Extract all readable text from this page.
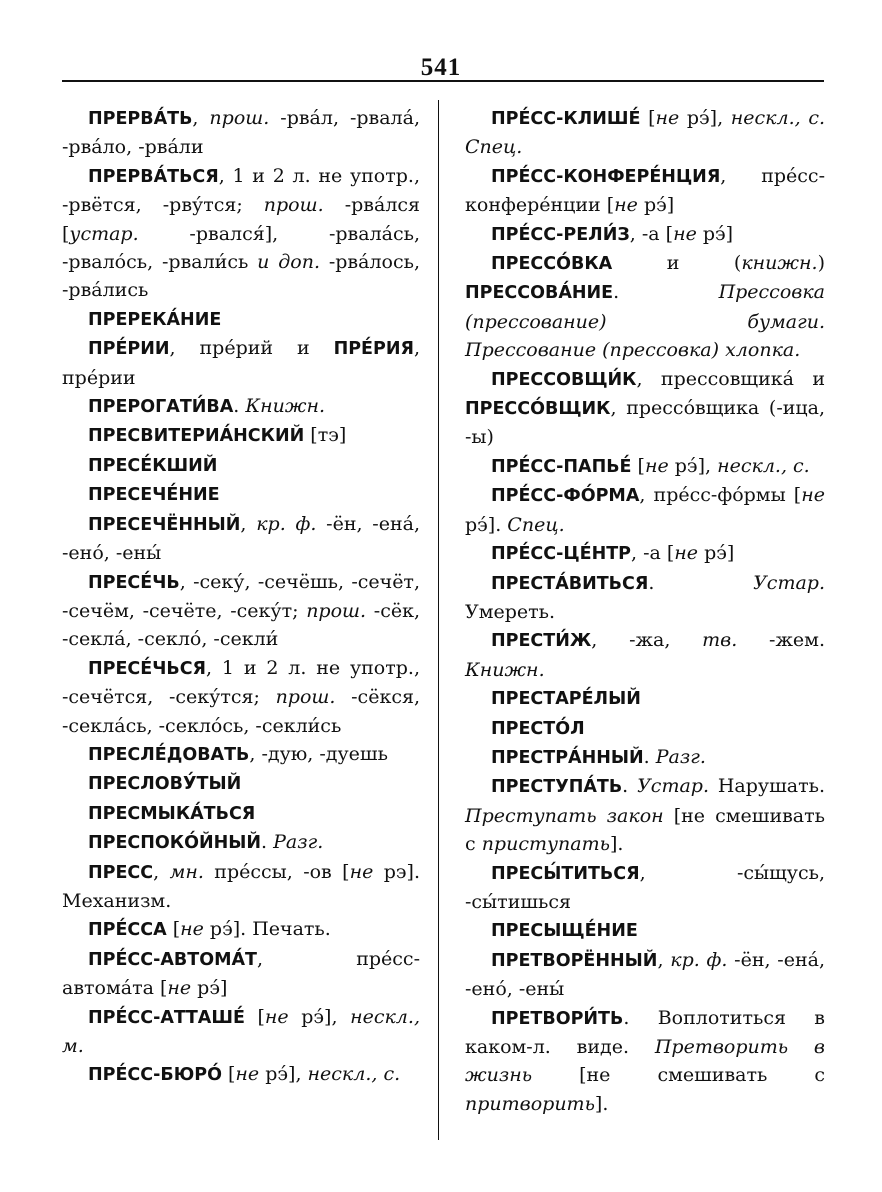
541

ПРЕРВА́ТЬ, прош. -рва́л, -рвала́, -рва́ло, -рва́ли

ПРЕРВА́ТЬСЯ, 1 и 2 л. не употр., -рвётся, -рву́тся; прош. -рва́лся [устар. -рвался́], -рвала́сь, -рвало́сь, -рвали́сь и доп. -рва́лось, -рва́лись

ПРЕРЕКА́НИЕ

ПРЕ́РИИ, пре́рий и ПРЕ́РИЯ, пре́рии

ПРЕРОГАТИ́ВА. Книжн.

ПРЕСВИТЕРИА́НСКИЙ [тэ]

ПРЕСЕ́КШИЙ

ПРЕСЕЧЕ́НИЕ

ПРЕСЕЧЁННЫЙ, кр. ф. -ён, -ена́, -ено́, -ены́

ПРЕСЕ́ЧЬ, -секу́, -сечёшь, -сечёт, -сечём, -сечёте, -секу́т; прош. -сёк, -секла́, -секло́, -секли́

ПРЕСЕ́ЧЬСЯ, 1 и 2 л. не употр., -сечётся, -секу́тся; прош. -сёкся, -секла́сь, -секло́сь, -секли́сь

ПРЕСЛЕ́ДОВАТЬ, -дую, -дуешь

ПРЕСЛОВУ́ТЫЙ

ПРЕСМЫКА́ТЬСЯ

ПРЕСПОКО́ЙНЫЙ. Разг.

ПРЕСС, мн. пре́ссы, -ов [не рэ]. Механизм.

ПРЕ́ССА [не рэ́]. Печать.

ПРЕ́СС-АВТОМА́Т, пре́сс-автома́та [не рэ́]

ПРЕ́СС-АТТАШЕ́ [не рэ́], нескл., м.

ПРЕ́СС-БЮРО́ [не рэ́], нескл., с.

ПРЕ́СС-КЛИШЕ́ [не рэ́], нескл., с. Спец.

ПРЕ́СС-КОНФЕРЕ́НЦИЯ, пре́сс-конфере́нции [не рэ́]

ПРЕ́СС-РЕЛИ́З, -а [не рэ́]

ПРЕССО́ВКА и (книжн.) ПРЕССОВА́НИЕ. Прессовка (прессование) бумаги. Прессование (прессовка) хлопка.

ПРЕССОВЩИ́К, прессовщика́ и ПРЕССО́ВЩИК, прессо́вщика (-ица, -ы)

ПРЕ́СС-ПАПЬЕ́ [не рэ́], нескл., с.

ПРЕ́СС-ФО́РМА, пре́сс-фо́рмы [не рэ́]. Спец.

ПРЕ́СС-ЦЕ́НТР, -а [не рэ́]

ПРЕСТА́ВИТЬСЯ. Устар. Умереть.

ПРЕСТИ́Ж, -жа, тв. -жем. Книжн.

ПРЕСТАРЕ́ЛЫЙ

ПРЕСТО́Л

ПРЕСТРА́ННЫЙ. Разг.

ПРЕСТУПА́ТЬ. Устар. Нарушать. Преступать закон [не смешивать с приступать].

ПРЕСЫ́ТИТЬСЯ, -сы́щусь, -сы́тишься

ПРЕСЫЩЕ́НИЕ

ПРЕТВОРЁННЫЙ, кр. ф. -ён, -ена́, -ено́, -ены́

ПРЕТВОРИ́ТЬ. Воплотиться в каком-л. виде. Претворить в жизнь [не смешивать с притворить].
